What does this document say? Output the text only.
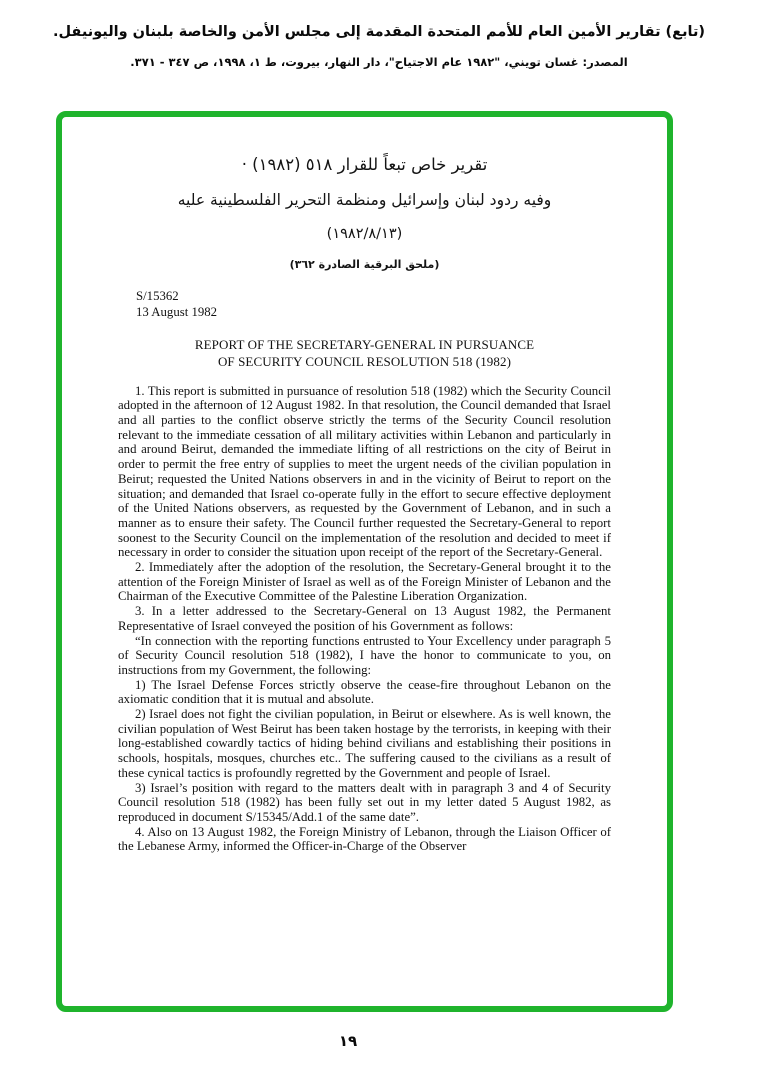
(تابع) تقارير الأمين العام للأمم المتحدة المقدمة إلى مجلس الأمن والخاصة بلبنان واليونيفل.
المصدر: غسان تويني، "١٩٨٢ عام الاجتياح"، دار النهار، بيروت، ط ١، ١٩٩٨، ص ٣٤٧ - ٣٧١.
تقرير خاص تبعاً للقرار ٥١٨ (١٩٨٢) ·
وفيه ردود لبنان وإسرائيل ومنظمة التحرير الفلسطينية عليه
(١٩٨٢/٨/١٣)
(ملحق البرقية الصادرة ٣٦٢)
S/15362
13 August 1982
REPORT OF THE SECRETARY-GENERAL IN PURSUANCE
OF SECURITY COUNCIL RESOLUTION 518 (1982)

1. This report is submitted in pursuance of resolution 518 (1982) which the Security Council adopted in the afternoon of 12 August 1982. In that resolution, the Council demanded that Israel and all parties to the conflict observe strictly the terms of the Security Council resolution relevant to the immediate cessation of all military activities within Lebanon and particularly in and around Beirut, demanded the immediate lifting of all restrictions on the city of Beirut in order to permit the free entry of supplies to meet the urgent needs of the civilian population in Beirut; requested the United Nations observers in and in the vicinity of Beirut to report on the situation; and demanded that Israel co-operate fully in the effort to secure effective deployment of the United Nations observers, as requested by the Government of Lebanon, and in such a manner as to ensure their safety. The Council further requested the Secretary-General to report soonest to the Security Council on the implementation of the resolution and decided to meet if necessary in order to consider the situation upon receipt of the report of the Secretary-General.

2. Immediately after the adoption of the resolution, the Secretary-General brought it to the attention of the Foreign Minister of Israel as well as of the Foreign Minister of Lebanon and the Chairman of the Executive Committee of the Palestine Liberation Organization.

3. In a letter addressed to the Secretary-General on 13 August 1982, the Permanent Representative of Israel conveyed the position of his Government as follows:

“In connection with the reporting functions entrusted to Your Excellency under paragraph 5 of Security Council resolution 518 (1982), I have the honor to communicate to you, on instructions from my Government, the following:

1) The Israel Defense Forces strictly observe the cease-fire throughout Lebanon on the axiomatic condition that it is mutual and absolute.

2) Israel does not fight the civilian population, in Beirut or elsewhere. As is well known, the civilian population of West Beirut has been taken hostage by the terrorists, in keeping with their long-established cowardly tactics of hiding behind civilians and establishing their positions in schools, hospitals, mosques, churches etc.. The suffering caused to the civilians as a result of these cynical tactics is profoundly regretted by the Government and people of Israel.

3) Israel’s position with regard to the matters dealt with in paragraph 3 and 4 of Security Council resolution 518 (1982) has been fully set out in my letter dated 5 August 1982, as reproduced in document S/15345/Add.1 of the same date”.

4. Also on 13 August 1982, the Foreign Ministry of Lebanon, through the Liaison Officer of the Lebanese Army, informed the Officer-in-Charge of the Observer

١٩
